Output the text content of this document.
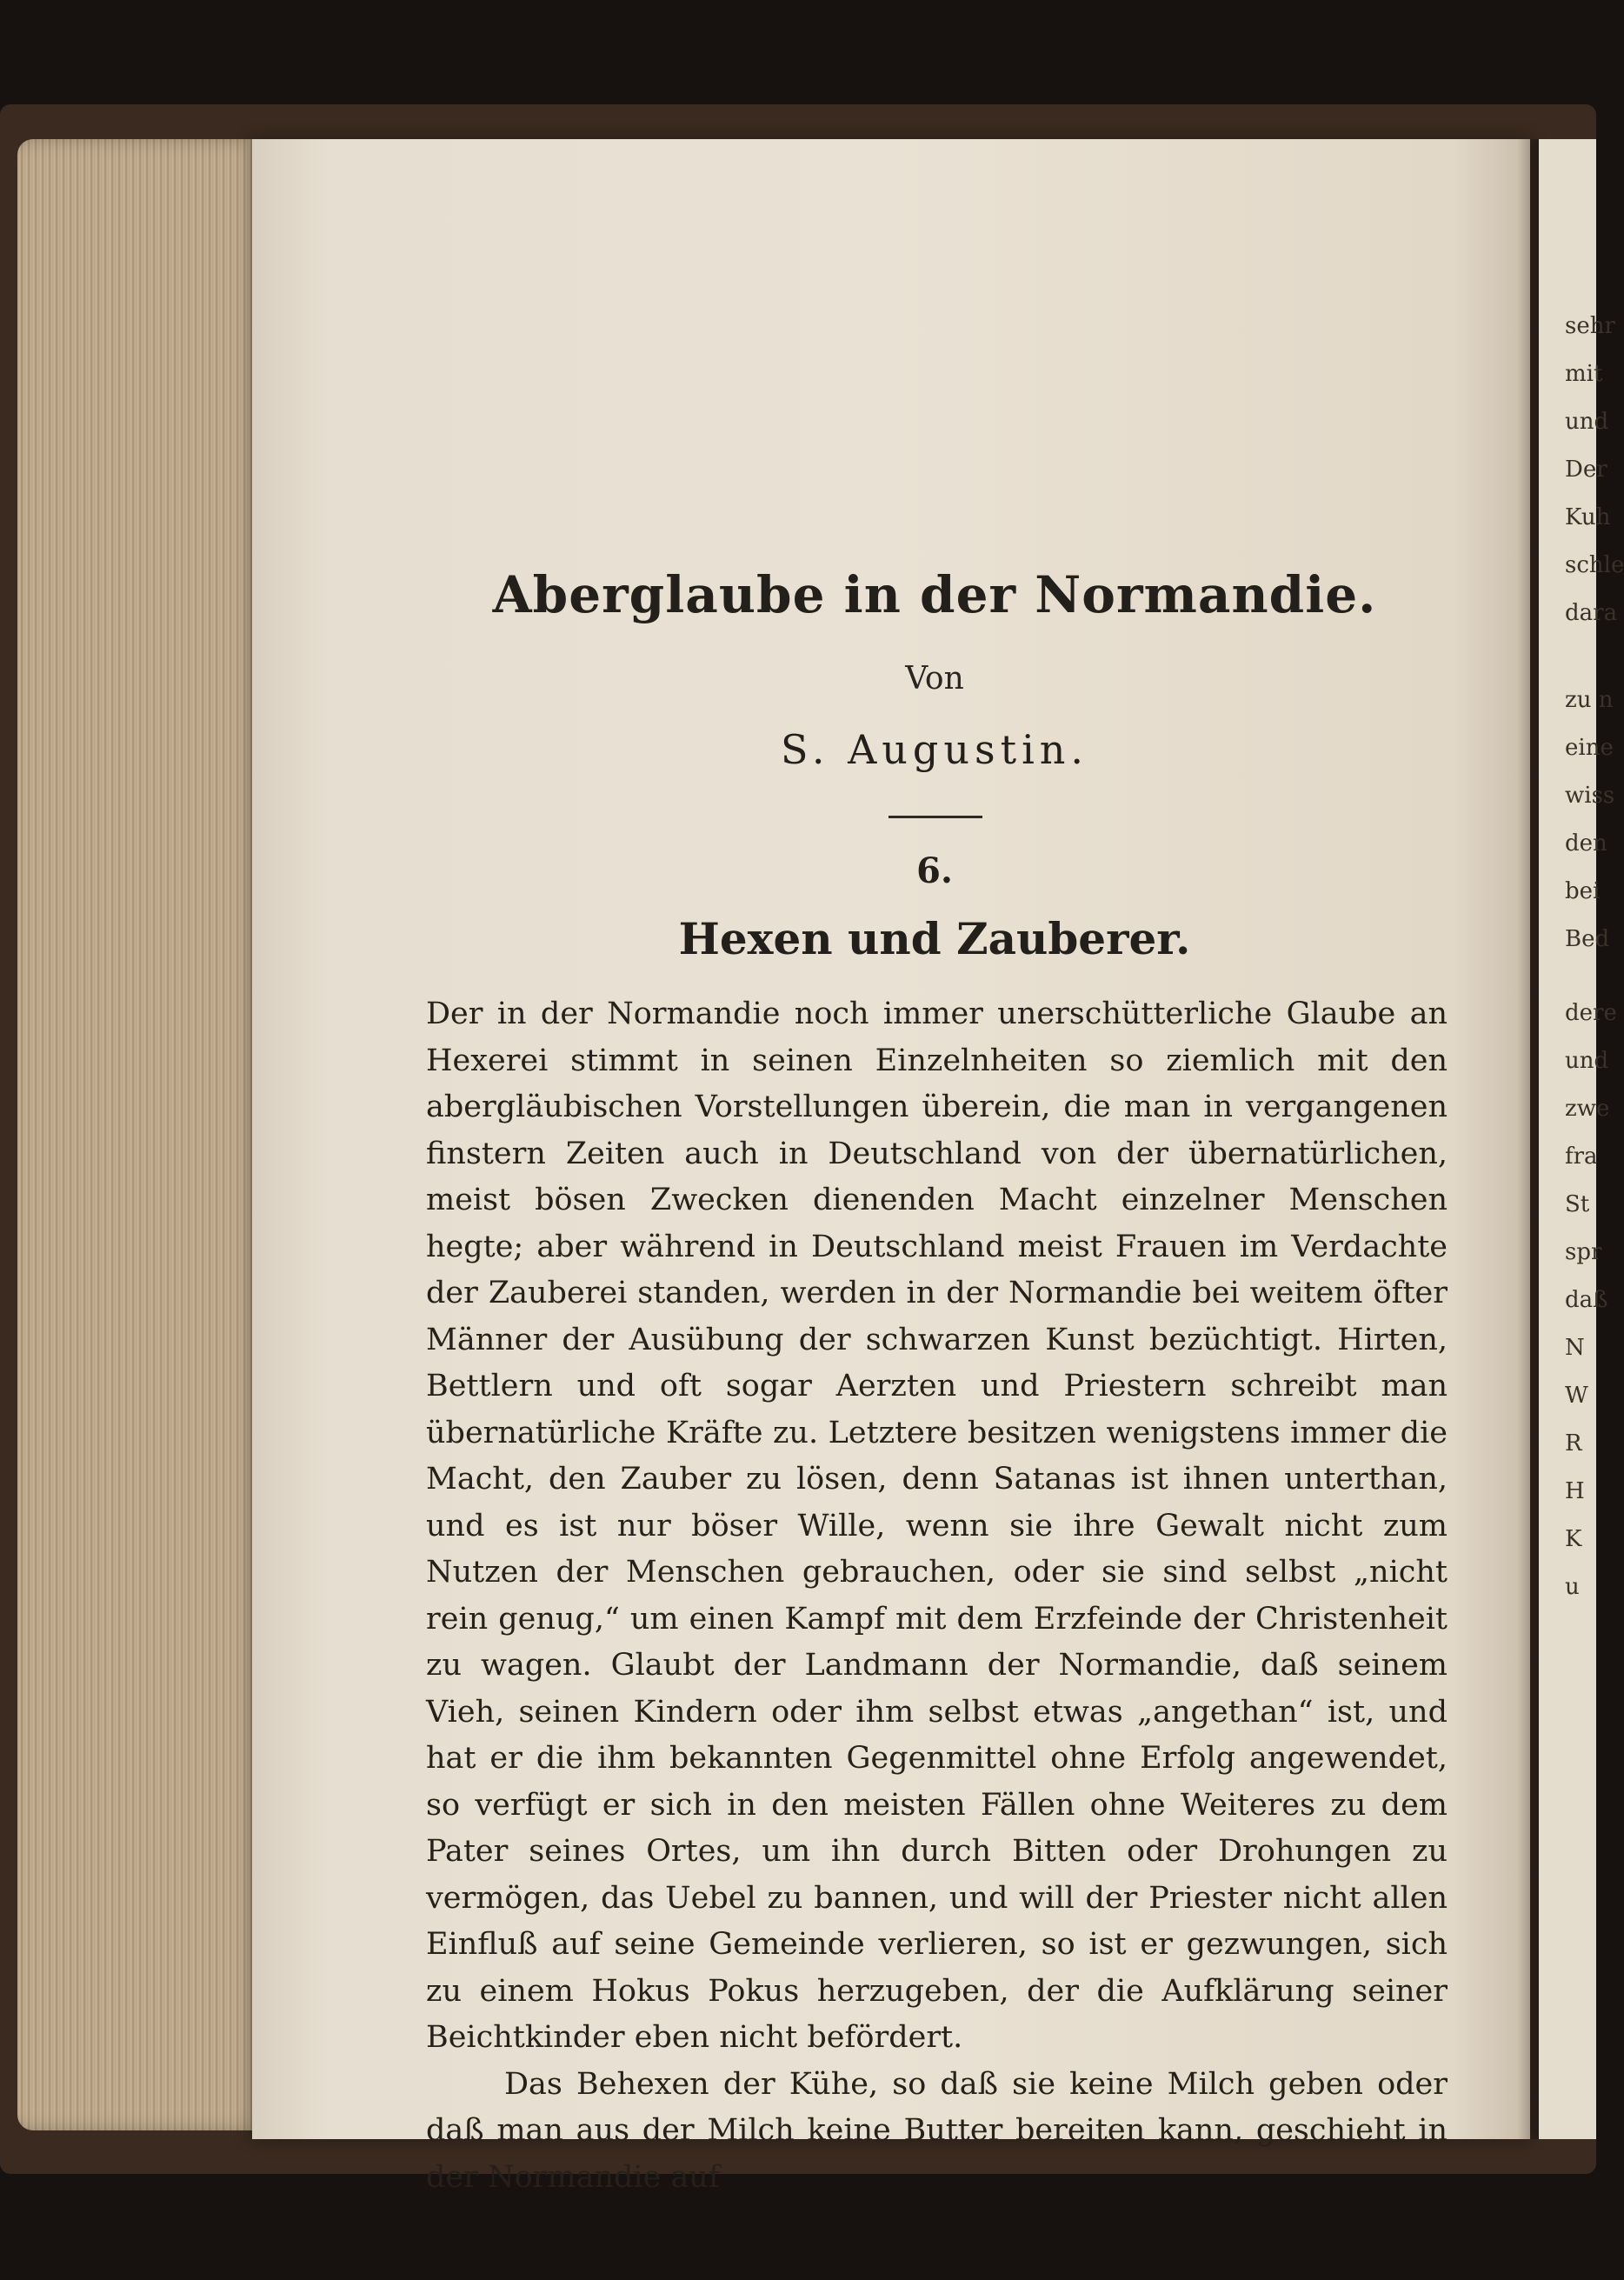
Aberglaube in der Normandie.
Von
S. Augustin.
6.
Hexen und Zauberer.

Der in der Normandie noch immer unerschütterliche Glaube an Hexerei stimmt in seinen Einzelnheiten so ziemlich mit den abergläubischen Vorstellungen überein, die man in vergangenen finstern Zeiten auch in Deutschland von der übernatürlichen, meist bösen Zwecken dienenden Macht einzelner Menschen hegte; aber während in Deutschland meist Frauen im Verdachte der Zauberei standen, werden in der Normandie bei weitem öfter Männer der Ausübung der schwarzen Kunst bezüchtigt. Hirten, Bettlern und oft sogar Aerzten und Priestern schreibt man übernatürliche Kräfte zu. Letztere besitzen wenigstens immer die Macht, den Zauber zu lösen, denn Satanas ist ihnen unterthan, und es ist nur böser Wille, wenn sie ihre Gewalt nicht zum Nutzen der Menschen gebrauchen, oder sie sind selbst „nicht rein genug,“ um einen Kampf mit dem Erzfeinde der Christenheit zu wagen. Glaubt der Landmann der Normandie, daß seinem Vieh, seinen Kindern oder ihm selbst etwas „angethan“ ist, und hat er die ihm bekannten Gegenmittel ohne Erfolg angewendet, so verfügt er sich in den meisten Fällen ohne Weiteres zu dem Pater seines Ortes, um ihn durch Bitten oder Drohungen zu vermögen, das Uebel zu bannen, und will der Priester nicht allen Einfluß auf seine Gemeinde verlieren, so ist er gezwungen, sich zu einem Hokus Pokus herzugeben, der die Aufklärung seiner Beichtkinder eben nicht befördert.

Das Behexen der Kühe, so daß sie keine Milch geben oder daß man aus der Milch keine Butter bereiten kann, geschieht in der Normandie auf

sehr
mit
und
Der
Kuh
schle
dara
zu n
eine
wiss
den
bei
Bed
dere
und
zwe
fra
St
spr
daß
N
W
R
H
K
u
